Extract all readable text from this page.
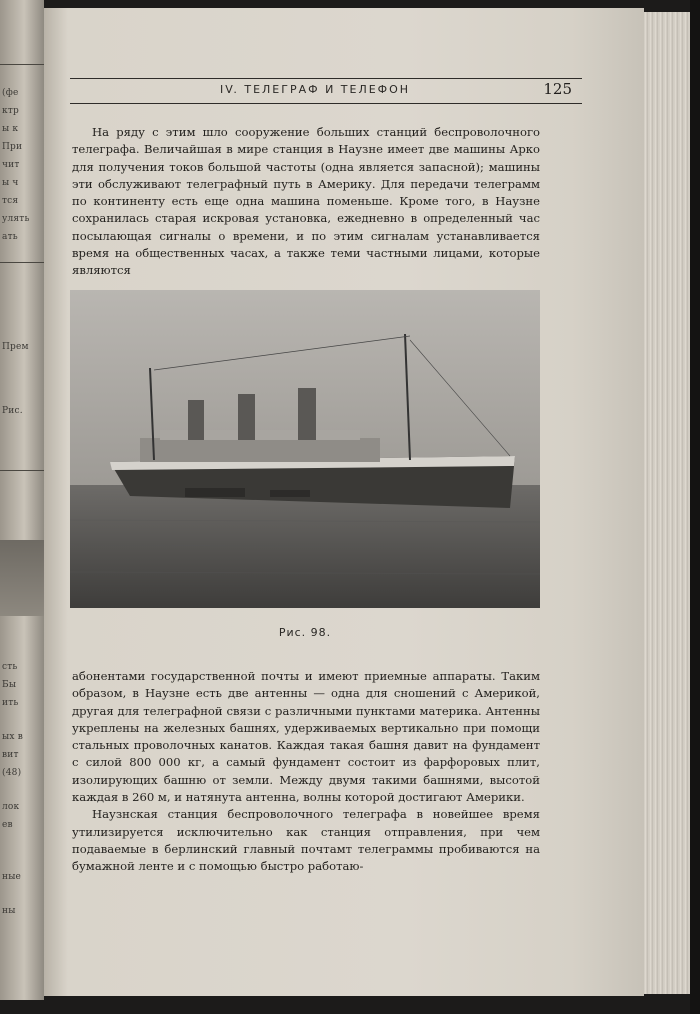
(фе
ктр
ы к
При
чит
ы ч
тся
улять
ать
Прем
Рис.
сть
Бы
ить
ых в
вит
(48)
лок
ев
ные
ны
IV. ТЕЛЕГРАФ И ТЕЛЕФОН	125

На ряду с этим шло сооружение больших станций беспроволочного телеграфа. Величайшая в мире станция в Наузне имеет две машины Арко для получения токов большой частоты (одна является запасной); машины эти обслуживают телеграфный путь в Америку. Для передачи телеграмм по континенту есть еще одна машина поменьше. Кроме того, в Наузне сохранилась старая искровая установка, ежедневно в определенный час посылающая сигналы о времени, и по этим сигналам устанавливается время на общественных часах, а также теми частными лицами, которые являются

Рис. 98.

абонентами государственной почты и имеют приемные аппараты. Таким образом, в Наузне есть две антенны — одна для сношений с Америкой, другая для телеграфной связи с различными пунктами материка. Антенны укреплены на железных башнях, удерживаемых вертикально при помощи стальных проволочных канатов. Каждая такая башня давит на фундамент с силой 800 000 кг, а самый фундамент состоит из фарфоровых плит, изолирующих башню от земли. Между двумя такими башнями, высотой каждая в 260 м, и натянута антенна, волны которой достигают Америки.

Наузнская станция беспроволочного телеграфа в новейшее время утилизируется исключительно как станция отправления, при чем подаваемые в берлинский главный почтамт телеграммы пробиваются на бумажной ленте и с помощью быстро работаю-
